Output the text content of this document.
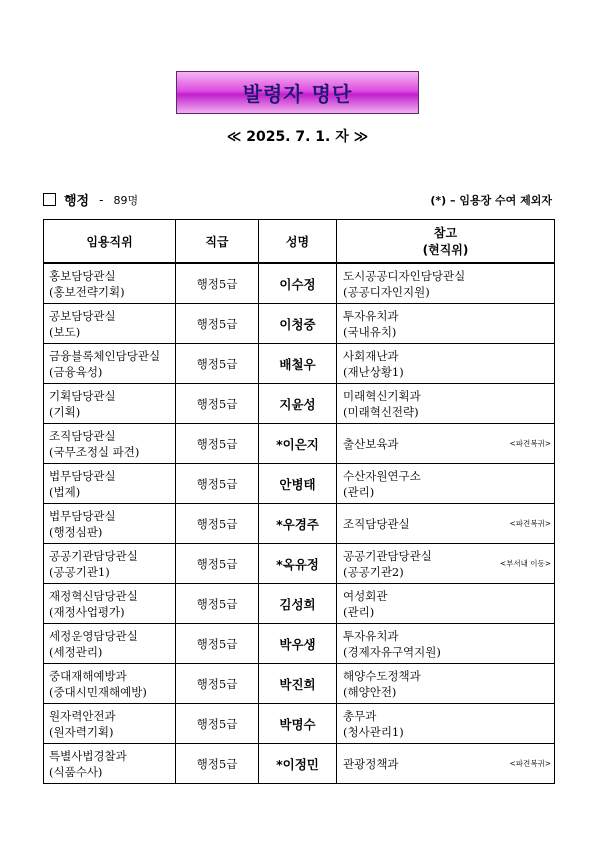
발령자 명단
≪ 2025. 7. 1. 자 ≫
행정 - 89명	(*) – 임용장 수여 제외자
임용직위	직급	성명	참고
(현직위)

홍보담당관실
(홍보전략기획)	행정5급	이수정	도시공공디자인담당관실
(공공디자인지원)

공보담당관실
(보도)	행정5급	이청중	투자유치과
(국내유치)

금융블록체인담당관실
(금융육성)	행정5급	배철우	사회재난과
(재난상황1)

기획담당관실
(기획)	행정5급	지윤성	미래혁신기획과
(미래혁신전략)

조직담당관실
(국무조정실 파견)	행정5급	*이은지	출산보육과 <파견복귀>

법무담당관실
(법제)	행정5급	안병태	수산자원연구소
(관리)

법무담당관실
(행정심판)	행정5급	*우경주	조직담당관실 <파견복귀>

공공기관담당관실
(공공기관1)	행정5급	*옥유정	공공기관담당관실
(공공기관2)
<부서내 이동>

재정혁신담당관실
(재정사업평가)	행정5급	김성희	여성회관
(관리)

세정운영담당관실
(세정관리)	행정5급	박우생	투자유치과
(경제자유구역지원)

중대재해예방과
(중대시민재해예방)	행정5급	박진희	해양수도정책과
(해양안전)

원자력안전과
(원자력기획)	행정5급	박명수	총무과
(청사관리1)

특별사법경찰과
(식품수사)	행정5급	*이정민	관광정책과 <파견복귀>
